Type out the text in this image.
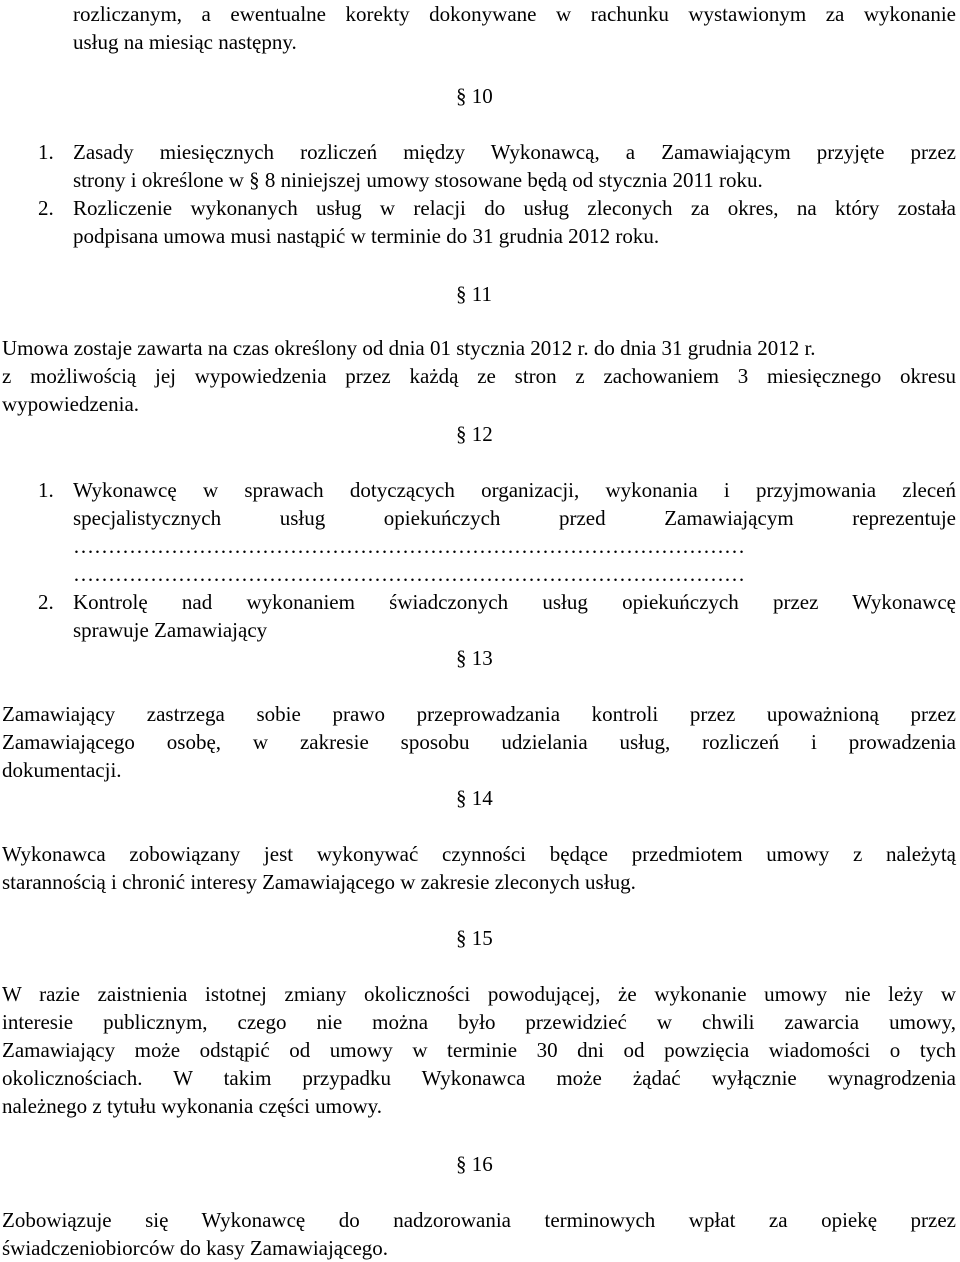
rozliczanym, a ewentualne korekty dokonywane w rachunku wystawionym za wykonanie
usług na miesiąc następny.
§ 10
1. Zasady miesięcznych rozliczeń między Wykonawcą, a Zamawiającym przyjęte przez
strony i określone w § 8 niniejszej umowy stosowane będą od stycznia 2011 roku.
2. Rozliczenie wykonanych usług w relacji do usług zleconych za okres, na który została
podpisana umowa musi nastąpić w terminie do 31 grudnia 2012 roku.
§ 11
Umowa zostaje zawarta na czas określony od dnia 01 stycznia 2012 r. do dnia 31 grudnia 2012 r.
z możliwością jej wypowiedzenia przez każdą ze stron z zachowaniem 3 miesięcznego okresu
wypowiedzenia.
§ 12
1. Wykonawcę w sprawach dotyczących organizacji, wykonania i przyjmowania zleceń
specjalistycznych usług opiekuńczych przed Zamawiającym reprezentuje
……………………………………………………………………………………
……………………………………………………………………………………
2. Kontrolę nad wykonaniem świadczonych usług opiekuńczych przez Wykonawcę
sprawuje Zamawiający
§ 13
Zamawiający zastrzega sobie prawo przeprowadzania kontroli przez upoważnioną przez
Zamawiającego osobę, w zakresie sposobu udzielania usług, rozliczeń i prowadzenia
dokumentacji.
§ 14
Wykonawca zobowiązany jest wykonywać czynności będące przedmiotem umowy z należytą
starannością i chronić interesy Zamawiającego w zakresie zleconych usług.
§ 15
W razie zaistnienia istotnej zmiany okoliczności powodującej, że wykonanie umowy nie leży w
interesie publicznym, czego nie można było przewidzieć w chwili zawarcia umowy,
Zamawiający może odstąpić od umowy w terminie 30 dni od powzięcia wiadomości o tych
okolicznościach. W takim przypadku Wykonawca może żądać wyłącznie wynagrodzenia
należnego z tytułu wykonania części umowy.
§ 16
Zobowiązuje się Wykonawcę do nadzorowania terminowych wpłat za opiekę przez
świadczeniobiorców do kasy Zamawiającego.
